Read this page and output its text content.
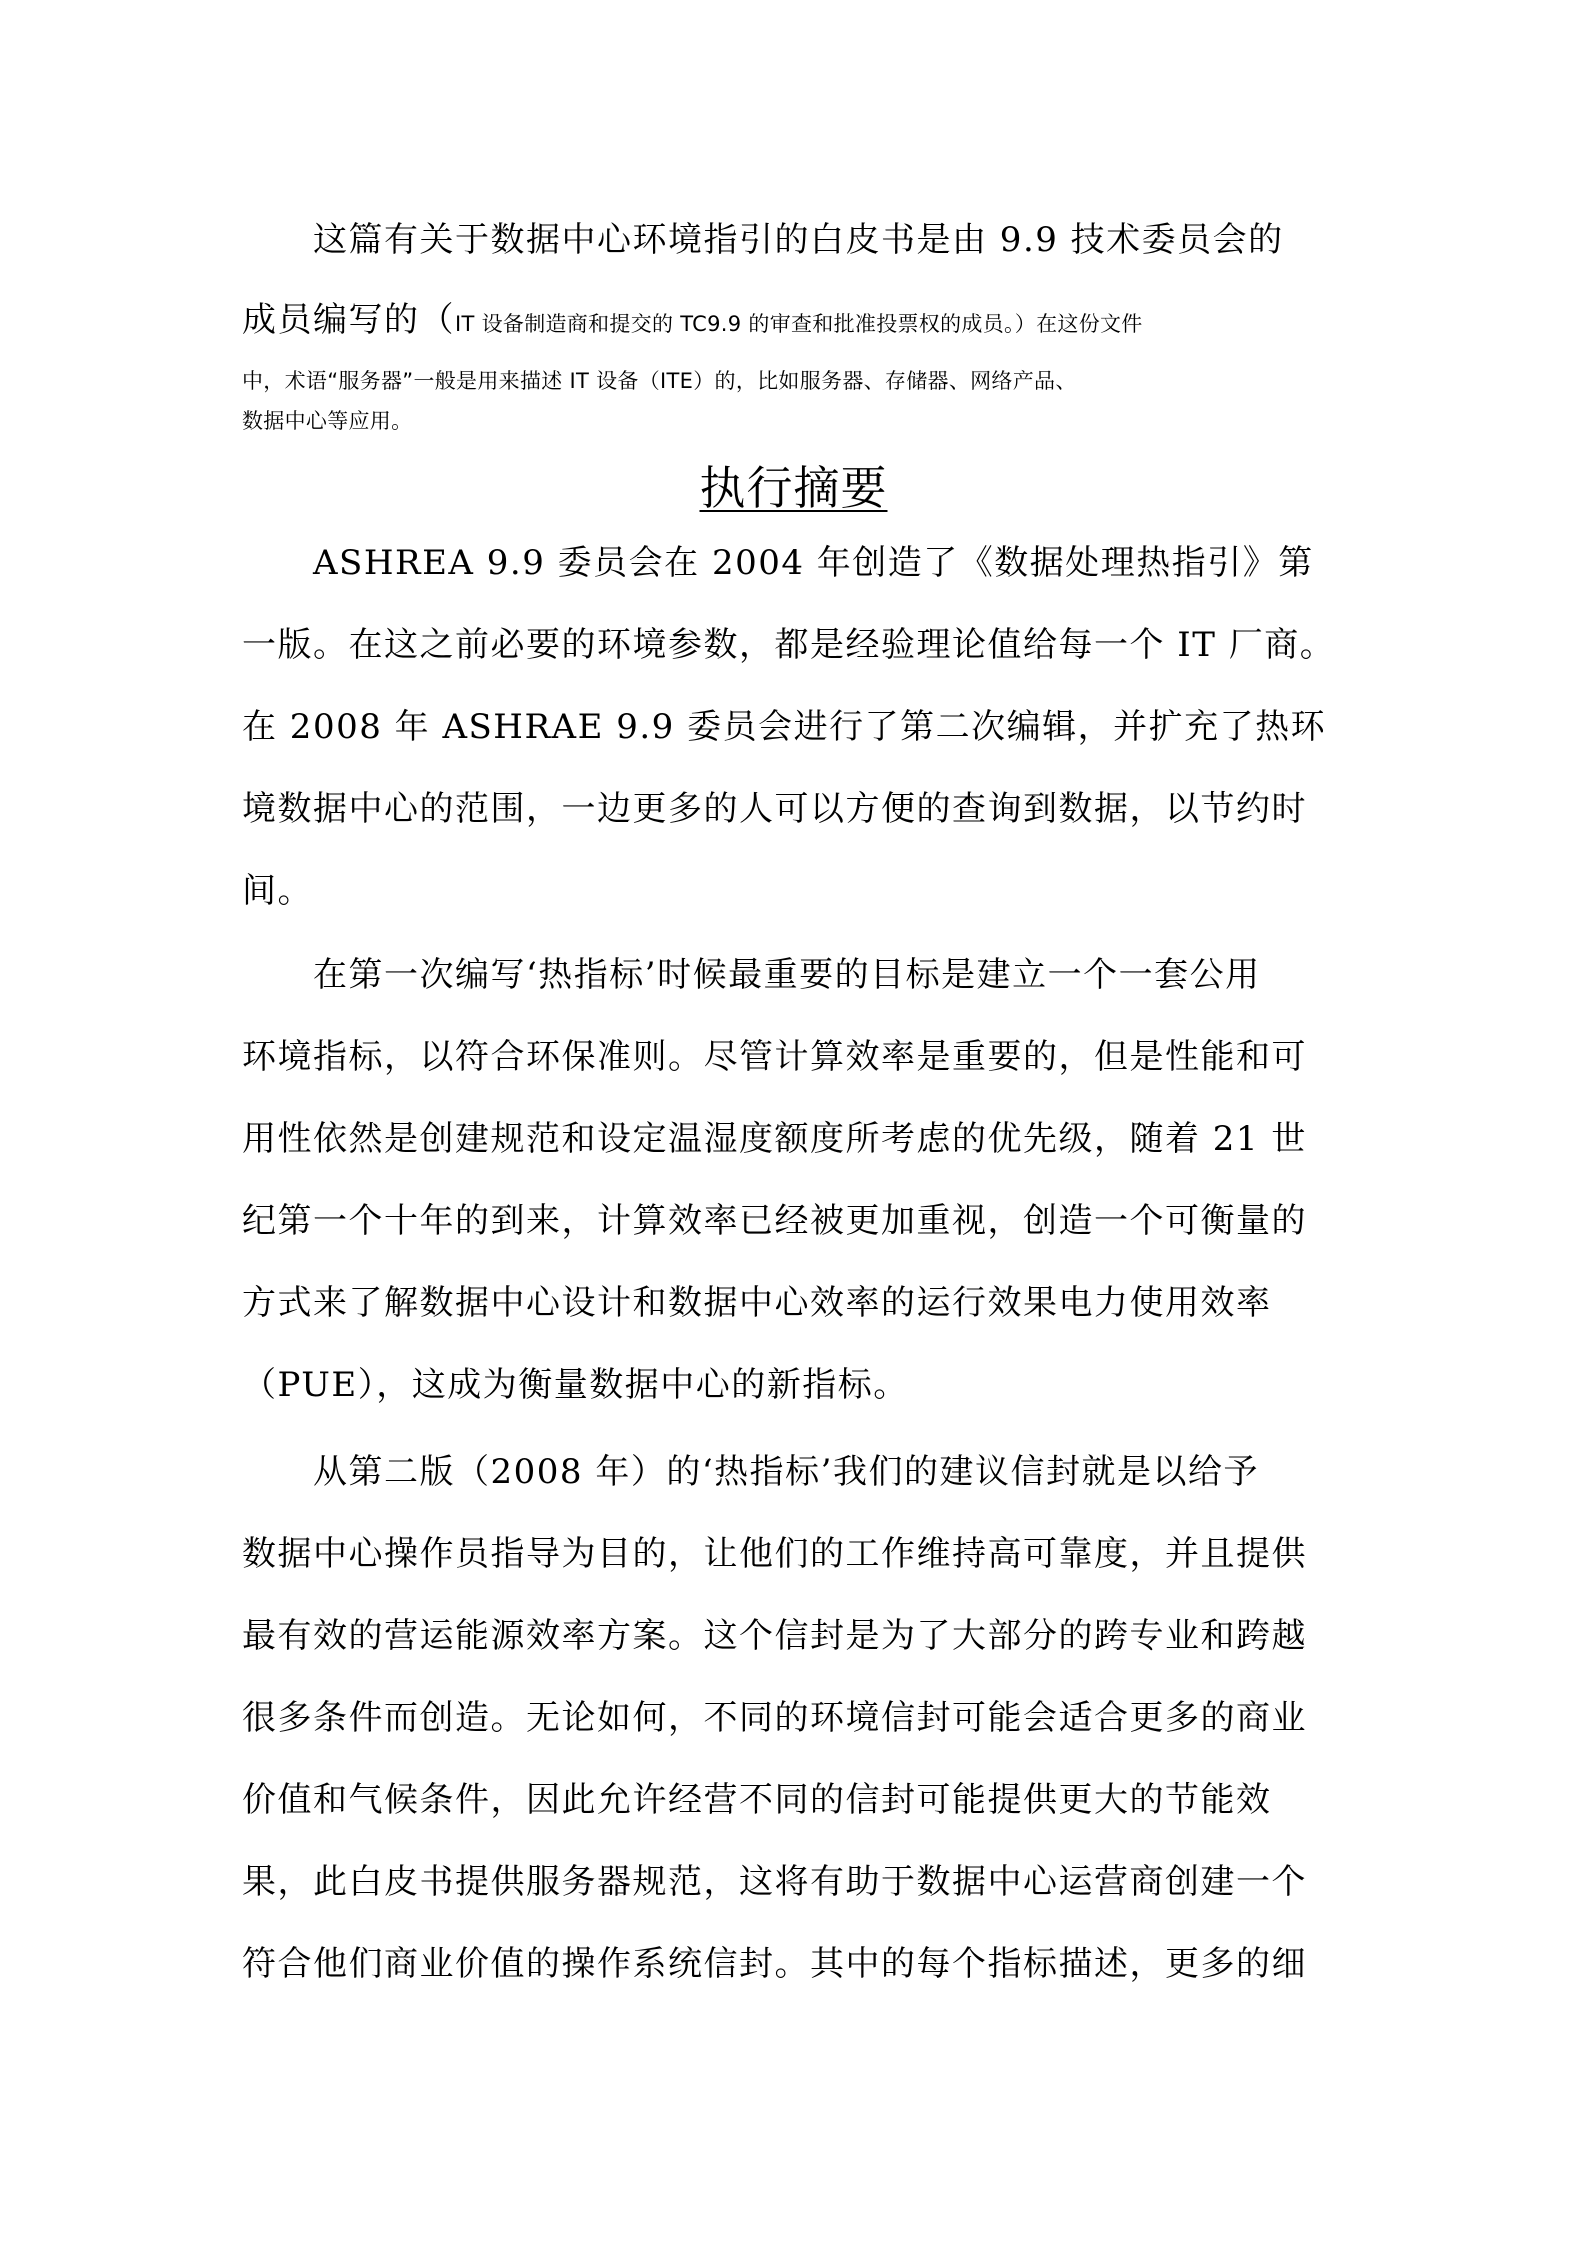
这篇有关于数据中心环境指引的白皮书是由 9.9 技术委员会的
成员编写的（IT 设备制造商和提交的 TC9.9 的审查和批准投票权的成员。）在这份文件
中，术语“服务器”一般是用来描述 IT 设备（ITE）的，比如服务器、存储器、网络产品、
数据中心等应用。
执行摘要
ASHREA 9.9 委员会在 2004 年创造了《数据处理热指引》第
一版。在这之前必要的环境参数，都是经验理论值给每一个 IT 厂商。
在 2008 年 ASHRAE 9.9 委员会进行了第二次编辑，并扩充了热环
境数据中心的范围，一边更多的人可以方便的查询到数据，以节约时
间。
在第一次编写‘热指标’时候最重要的目标是建立一个一套公用
环境指标，以符合环保准则。尽管计算效率是重要的，但是性能和可
用性依然是创建规范和设定温湿度额度所考虑的优先级，随着 21 世
纪第一个十年的到来，计算效率已经被更加重视，创造一个可衡量的
方式来了解数据中心设计和数据中心效率的运行效果电力使用效率
（PUE），这成为衡量数据中心的新指标。
从第二版（2008 年）的‘热指标’我们的建议信封就是以给予
数据中心操作员指导为目的，让他们的工作维持高可靠度，并且提供
最有效的营运能源效率方案。这个信封是为了大部分的跨专业和跨越
很多条件而创造。无论如何，不同的环境信封可能会适合更多的商业
价值和气候条件，因此允许经营不同的信封可能提供更大的节能效
果，此白皮书提供服务器规范，这将有助于数据中心运营商创建一个
符合他们商业价值的操作系统信封。其中的每个指标描述，更多的细
